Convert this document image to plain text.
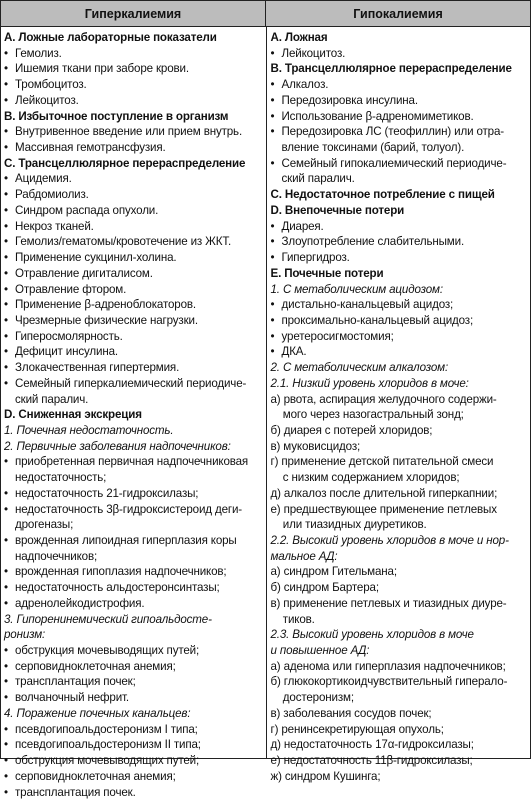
Гиперкалиемия	Гипокалиемия
A. Ложные лабораторные показатели
• Гемолиз.
• Ишемия ткани при заборе крови.
• Тромбоцитоз.
• Лейкоцитоз.
B. Избыточное поступление в организм
• Внутривенное введение или прием внутрь.
• Массивная гемотрансфузия.
C. Трансцеллюлярное перераспределение
• Ацидемия.
• Рабдомиолиз.
• Синдром распада опухоли.
• Некроз тканей.
• Гемолиз/гематомы/кровотечение из ЖКТ.
• Применение сукцинил-холина.
• Отравление дигиталисом.
• Отравление фтором.
• Применение β-адреноблокаторов.
• Чрезмерные физические нагрузки.
• Гиперосмолярность.
• Дефицит инсулина.
• Злокачественная гипертермия.
• Семейный гиперкалиемический периодиче-
ский паралич.
D. Сниженная экскреция
1. Почечная недостаточность.
2. Первичные заболевания надпочечников:
• приобретенная первичная надпочечниковая
недостаточность;
• недостаточность 21-гидроксилазы;
• недостаточность 3β-гидроксистероид деги-
дрогеназы;
• врожденная липоидная гиперплазия коры
надпочечников;
• врожденная гипоплазия надпочечников;
• недостаточность альдостеронсинтазы;
• адренолейкодистрофия.
3. Гипоренинемический гипоальдосте-
ронизм:
• обструкция мочевыводящих путей;
• серповидноклеточная анемия;
• трансплантация почек;
• волчаночный нефрит.
4. Поражение почечных канальцев:
• псевдогипоальдостеронизм I типа;
• псевдогипоальдостеронизм II типа;
• обструкция мочевыводящих путей;
• серповидноклеточная анемия;
• трансплантация почек.
A. Ложная
• Лейкоцитоз.
B. Трансцеллюлярное перераспределение
• Алкалоз.
• Передозировка инсулина.
• Использование β-адреномиметиков.
• Передозировка ЛС (теофиллин) или отра-
вление токсинами (барий, толуол).
• Семейный гипокалиемический периодиче-
ский паралич.
C. Недостаточное потребление с пищей
D. Внепочечные потери
• Диарея.
• Злоупотребление слабительными.
• Гипергидроз.
E. Почечные потери
1. С метаболическим ацидозом:
• дистально-канальцевый ацидоз;
• проксимально-канальцевый ацидоз;
• уретеросигмостомия;
• ДКА.
2. С метаболическим алкалозом:
2.1. Низкий уровень хлоридов в моче:
а) рвота, аспирация желудочного содержи-
мого через назогастральный зонд;
б) диарея с потерей хлоридов;
в) муковисцидоз;
г) применение детской питательной смеси
с низким содержанием хлоридов;
д) алкалоз после длительной гиперкапнии;
е) предшествующее применение петлевых
или тиазидных диуретиков.
2.2. Высокий уровень хлоридов в моче и нор-
мальное АД:
а) синдром Гительмана;
б) синдром Бартера;
в) применение петлевых и тиазидных диуре-
тиков.
2.3. Высокий уровень хлоридов в моче
и повышенное АД:
а) аденома или гиперплазия надпочечников;
б) глюкокортикоидчувствительный гиперало-
достеронизм;
в) заболевания сосудов почек;
г) ренинсекретирующая опухоль;
д) недостаточность 17α-гидроксилазы;
е) недостаточность 11β-гидроксилазы;
ж) синдром Кушинга;
